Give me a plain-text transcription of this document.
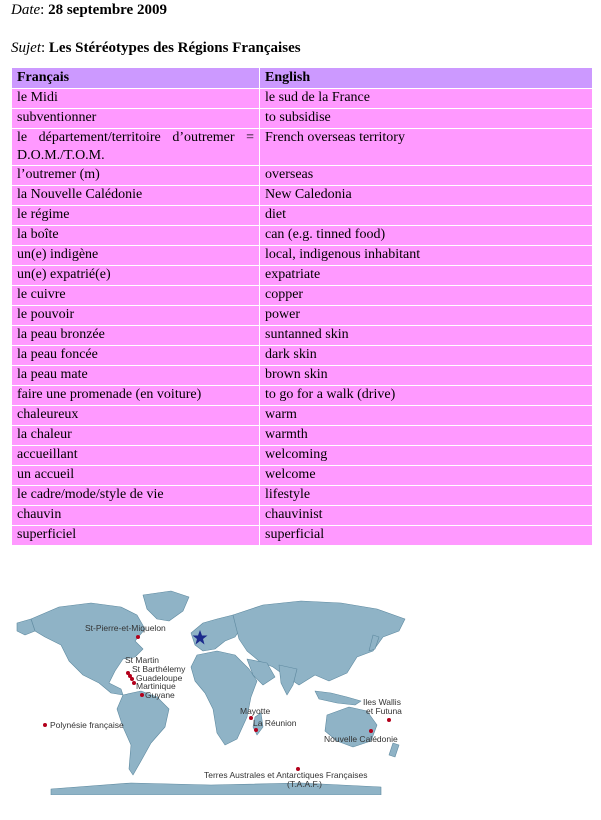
Date: 28 septembre 2009
Sujet: Les Stéréotypes des Régions Françaises
Français	English
le Midi	le sud de la France
subventionner	to subsidise
le département/territoire d’outremer = D.O.M./T.O.M.	French overseas territory
l’outremer (m)	overseas
la Nouvelle Calédonie	New Caledonia
le régime	diet
la boîte	can (e.g. tinned food)
un(e) indigène	local, indigenous inhabitant
un(e) expatrié(e)	expatriate
le cuivre	copper
le pouvoir	power
la peau bronzée	suntanned skin
la peau foncée	dark skin
la peau mate	brown skin
faire une promenade (en voiture)	to go for a walk (drive)
chaleureux	warm
la chaleur	warmth
accueillant	welcoming
un accueil	welcome
le cadre/mode/style de vie	lifestyle
chauvin	chauvinist
superficiel	superficial
St-Pierre-et-Miquelon
St Martin
St Barthélemy
Guadeloupe
Martinique
Guyane
Polynésie française
Mayotte
La Réunion
Iles Wallis
et Futuna
Nouvelle Calédonie
Terres Australes et Antarctiques Françaises
(T.A.A.F.)
